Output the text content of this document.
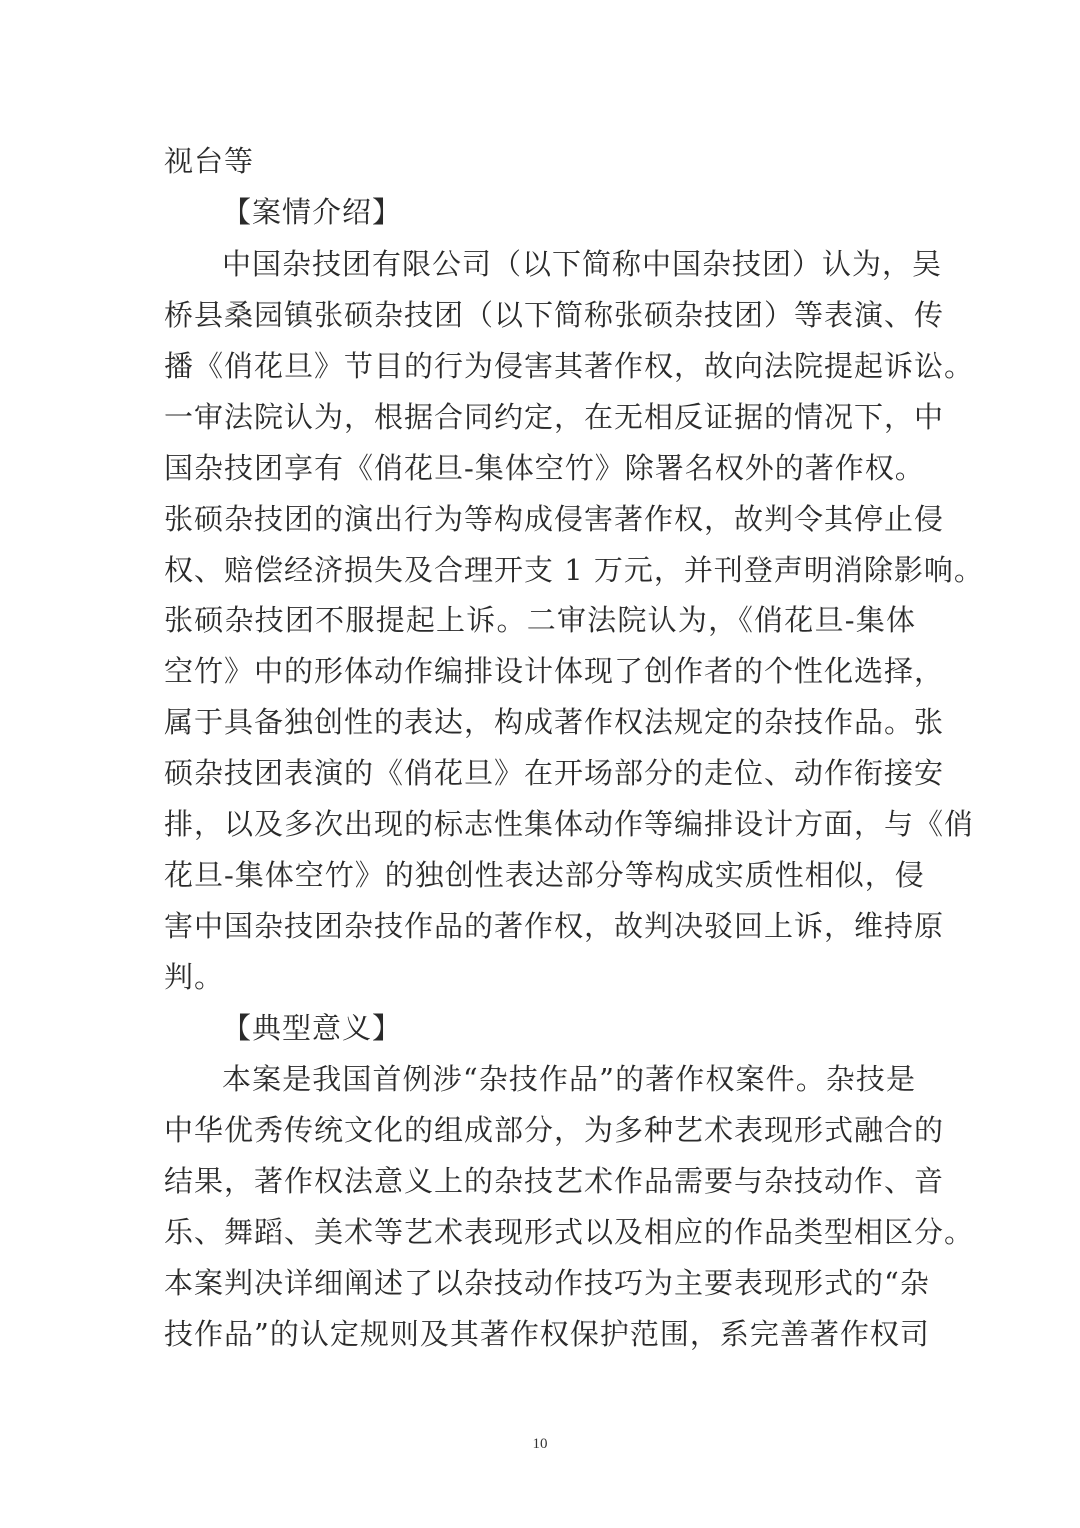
视台等
【案情介绍】
中国杂技团有限公司（以下简称中国杂技团）认为，吴
桥县桑园镇张硕杂技团（以下简称张硕杂技团）等表演、传
播《俏花旦》节目的行为侵害其著作权，故向法院提起诉讼。
一审法院认为，根据合同约定，在无相反证据的情况下，中
国杂技团享有《俏花旦-集体空竹》除署名权外的著作权。
张硕杂技团的演出行为等构成侵害著作权，故判令其停止侵
权、赔偿经济损失及合理开支 1 万元，并刊登声明消除影响。
张硕杂技团不服提起上诉。二审法院认为，《俏花旦-集体
空竹》中的形体动作编排设计体现了创作者的个性化选择，
属于具备独创性的表达，构成著作权法规定的杂技作品。张
硕杂技团表演的《俏花旦》在开场部分的走位、动作衔接安
排，以及多次出现的标志性集体动作等编排设计方面，与《俏
花旦-集体空竹》的独创性表达部分等构成实质性相似，侵
害中国杂技团杂技作品的著作权，故判决驳回上诉，维持原
判。
【典型意义】
本案是我国首例涉“杂技作品”的著作权案件。杂技是
中华优秀传统文化的组成部分，为多种艺术表现形式融合的
结果，著作权法意义上的杂技艺术作品需要与杂技动作、音
乐、舞蹈、美术等艺术表现形式以及相应的作品类型相区分。
本案判决详细阐述了以杂技动作技巧为主要表现形式的“杂
技作品”的认定规则及其著作权保护范围，系完善著作权司
10
